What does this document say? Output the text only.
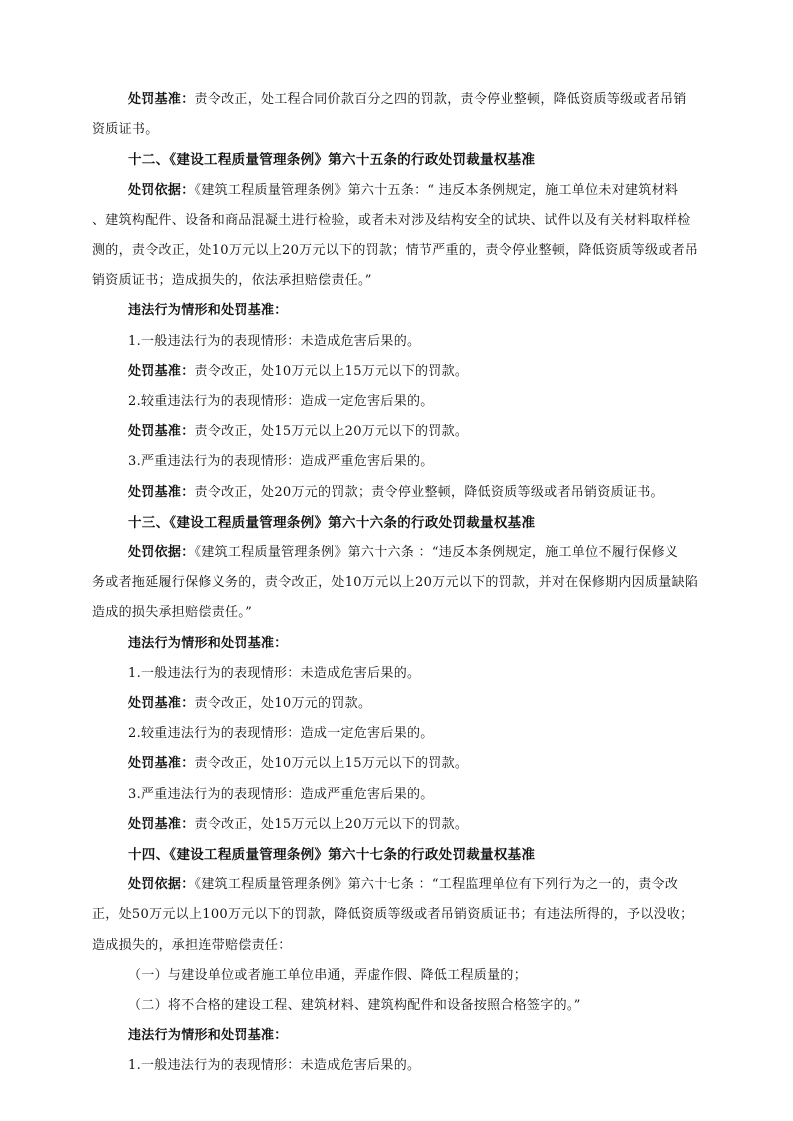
处罚基准：责令改正，处工程合同价款百分之四的罚款，责令停业整顿，降低资质等级或者吊销
资质证书。
十二、《建设工程质量管理条例》第六十五条的行政处罚裁量权基准
处罚依据：《建筑工程质量管理条例》第六十五条：“ 违反本条例规定，施工单位未对建筑材料
、建筑构配件、设备和商品混凝土进行检验，或者未对涉及结构安全的试块、试件以及有关材料取样检
测的，责令改正，处10万元以上20万元以下的罚款；情节严重的，责令停业整顿，降低资质等级或者吊
销资质证书；造成损失的，依法承担赔偿责任。”
违法行为情形和处罚基准：
1.一般违法行为的表现情形：未造成危害后果的。
处罚基准：责令改正，处10万元以上15万元以下的罚款。
2.较重违法行为的表现情形：造成一定危害后果的。
处罚基准：责令改正，处15万元以上20万元以下的罚款。
3.严重违法行为的表现情形：造成严重危害后果的。
处罚基准：责令改正，处20万元的罚款；责令停业整顿，降低资质等级或者吊销资质证书。
十三、《建设工程质量管理条例》第六十六条的行政处罚裁量权基准
处罚依据：《建筑工程质量管理条例》第六十六条 ：“违反本条例规定，施工单位不履行保修义
务或者拖延履行保修义务的，责令改正，处10万元以上20万元以下的罚款，并对在保修期内因质量缺陷
造成的损失承担赔偿责任。”
违法行为情形和处罚基准：
1.一般违法行为的表现情形：未造成危害后果的。
处罚基准：责令改正，处10万元的罚款。
2.较重违法行为的表现情形：造成一定危害后果的。
处罚基准：责令改正，处10万元以上15万元以下的罚款。
3.严重违法行为的表现情形：造成严重危害后果的。
处罚基准：责令改正，处15万元以上20万元以下的罚款。
十四、《建设工程质量管理条例》第六十七条的行政处罚裁量权基准
处罚依据：《建筑工程质量管理条例》第六十七条 ：“工程监理单位有下列行为之一的，责令改
正，处50万元以上100万元以下的罚款，降低资质等级或者吊销资质证书；有违法所得的，予以没收；
造成损失的，承担连带赔偿责任：
（一）与建设单位或者施工单位串通，弄虚作假、降低工程质量的；
（二）将不合格的建设工程、建筑材料、建筑构配件和设备按照合格签字的。”
违法行为情形和处罚基准：
1.一般违法行为的表现情形：未造成危害后果的。
